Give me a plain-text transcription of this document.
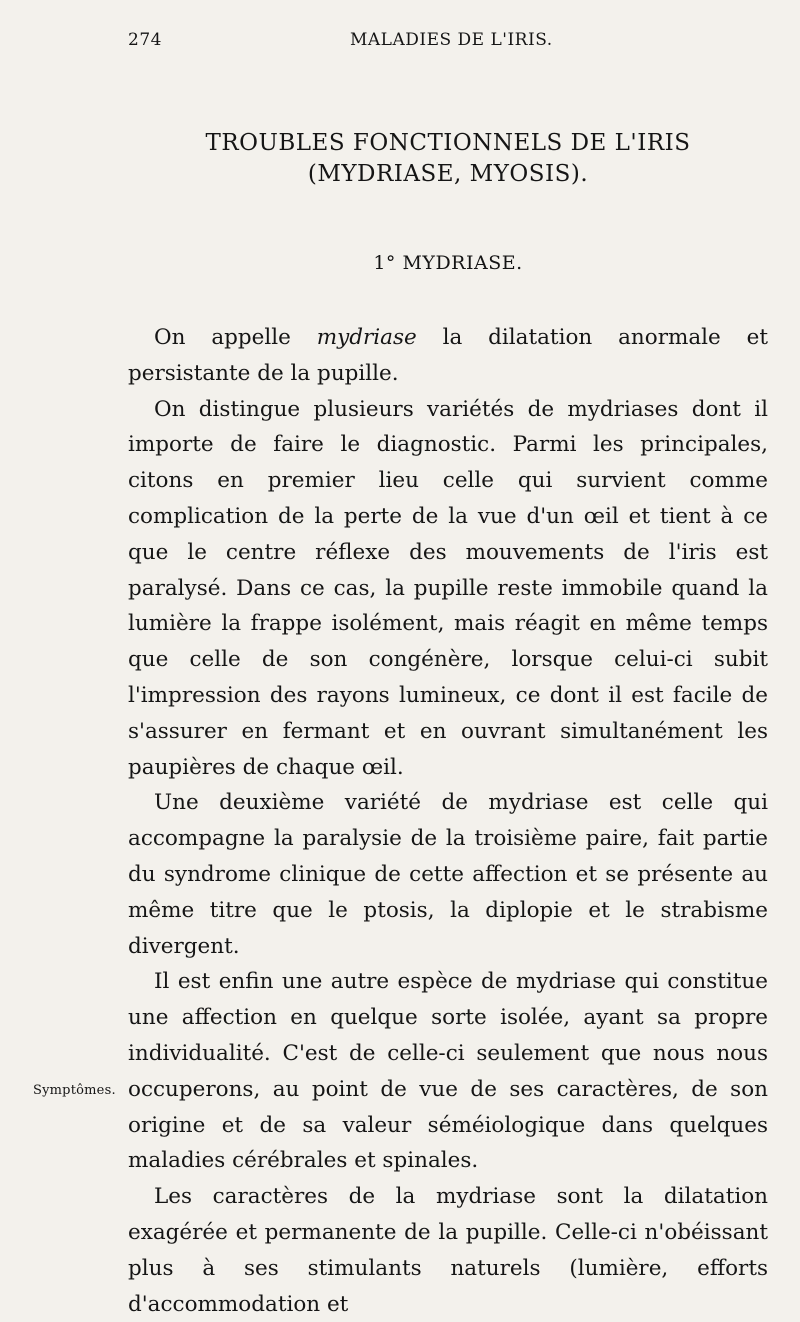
274	MALADIES DE L'IRIS.
TROUBLES FONCTIONNELS DE L'IRIS
(MYDRIASE, MYOSIS).
1° MYDRIASE.

On appelle mydriase la dilatation anormale et persistante de la pupille.

On distingue plusieurs variétés de mydriases dont il importe de faire le diagnostic. Parmi les principales, citons en premier lieu celle qui survient comme complication de la perte de la vue d'un œil et tient à ce que le centre réflexe des mouvements de l'iris est paralysé. Dans ce cas, la pupille reste immobile quand la lumière la frappe isolément, mais réagit en même temps que celle de son congénère, lorsque celui-ci subit l'impression des rayons lumineux, ce dont il est facile de s'assurer en fermant et en ouvrant simultanément les paupières de chaque œil.

Une deuxième variété de mydriase est celle qui accompagne la paralysie de la troisième paire, fait partie du syndrome clinique de cette affection et se présente au même titre que le ptosis, la diplopie et le strabisme divergent.

Il est enfin une autre espèce de mydriase qui constitue une affection en quelque sorte isolée, ayant sa propre individualité. C'est de celle-ci seulement que nous nous occuperons, au point de vue de ses caractères, de son origine et de sa valeur séméiologique dans quelques maladies cérébrales et spinales.

Les caractères de la mydriase sont la dilatation exagérée et permanente de la pupille. Celle-ci n'obéissant plus à ses stimulants naturels (lumière, efforts d'accommodation et

Symptômes.
